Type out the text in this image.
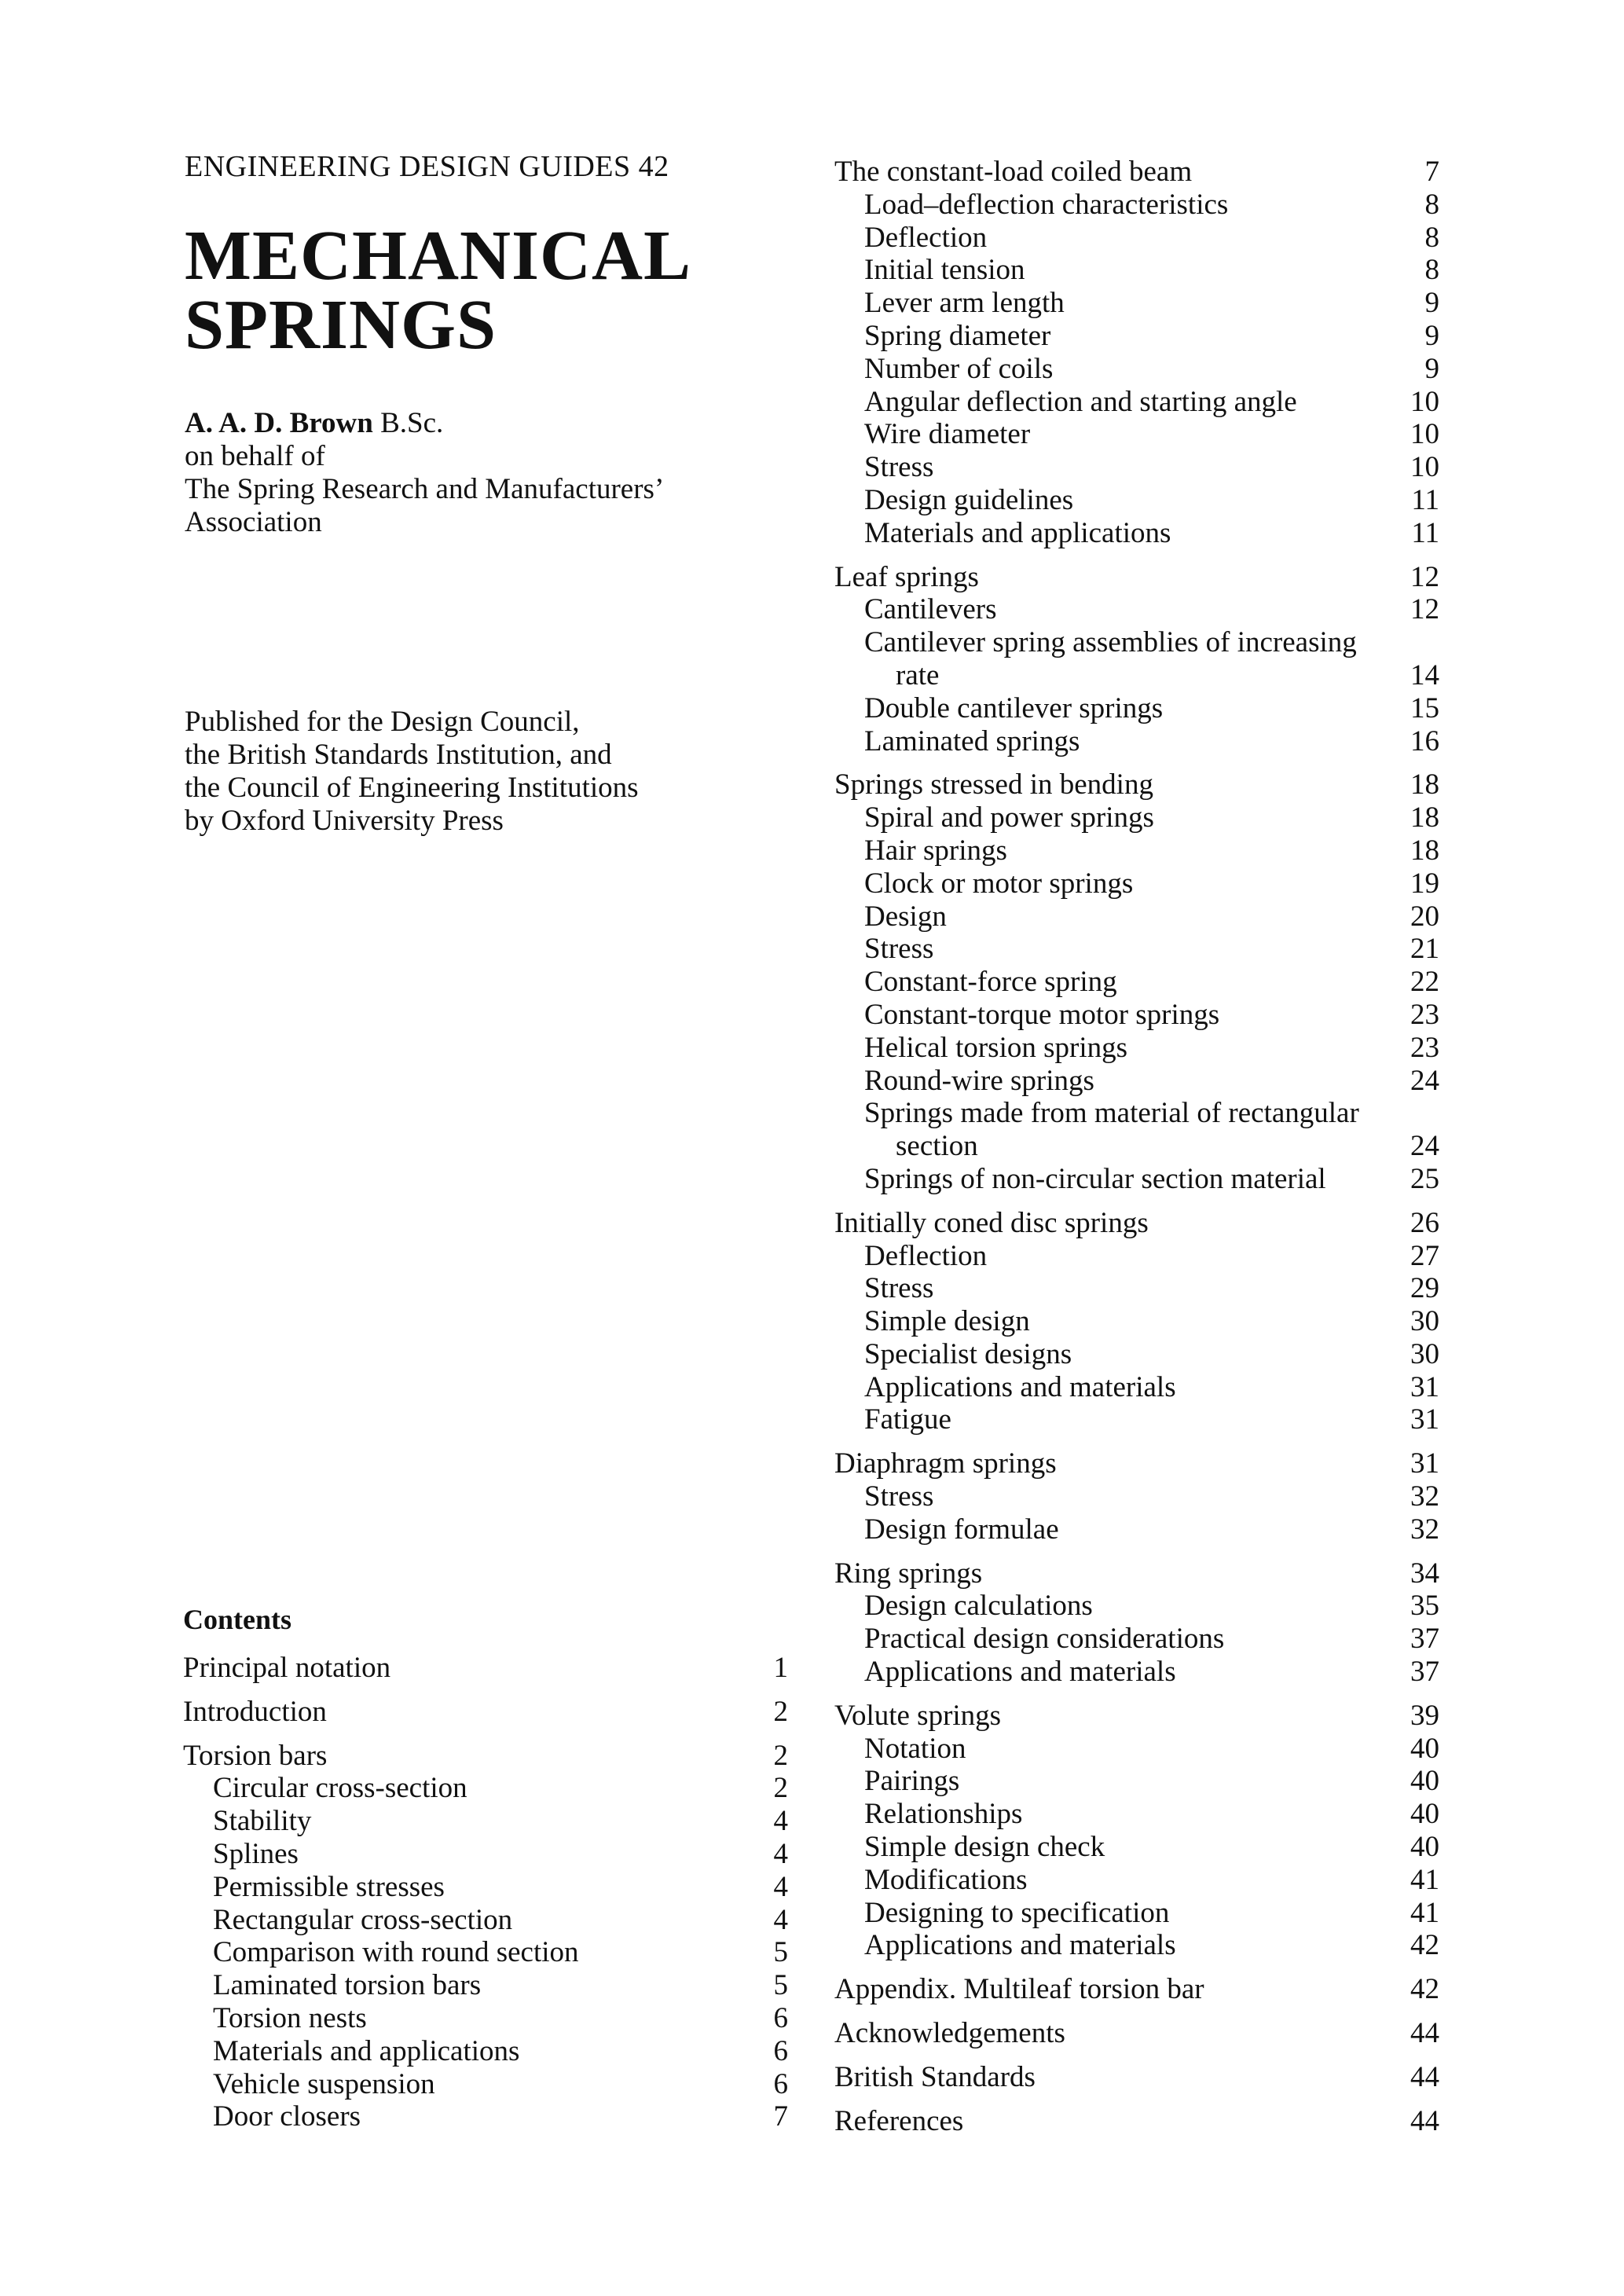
ENGINEERING DESIGN GUIDES 42
MECHANICAL
SPRINGS
A. A. D. Brown B.Sc.
on behalf of
The Spring Research and Manufacturers’
Association
Published for the Design Council,
the British Standards Institution, and
the Council of Engineering Institutions
by Oxford University Press
Contents
Principal notation	1
Introduction	2
Torsion bars	2
Circular cross-section	2
Stability	4
Splines	4
Permissible stresses	4
Rectangular cross-section	4
Comparison with round section	5
Laminated torsion bars	5
Torsion nests	6
Materials and applications	6
Vehicle suspension	6
Door closers	7
The constant-load coiled beam	7
Load–deflection characteristics	8
Deflection	8
Initial tension	8
Lever arm length	9
Spring diameter	9
Number of coils	9
Angular deflection and starting angle	10
Wire diameter	10
Stress	10
Design guidelines	11
Materials and applications	11
Leaf springs	12
Cantilevers	12
Cantilever spring assemblies of increasing
rate	14
Double cantilever springs	15
Laminated springs	16
Springs stressed in bending	18
Spiral and power springs	18
Hair springs	18
Clock or motor springs	19
Design	20
Stress	21
Constant-force spring	22
Constant-torque motor springs	23
Helical torsion springs	23
Round-wire springs	24
Springs made from material of rectangular
section	24
Springs of non-circular section material	25
Initially coned disc springs	26
Deflection	27
Stress	29
Simple design	30
Specialist designs	30
Applications and materials	31
Fatigue	31
Diaphragm springs	31
Stress	32
Design formulae	32
Ring springs	34
Design calculations	35
Practical design considerations	37
Applications and materials	37
Volute springs	39
Notation	40
Pairings	40
Relationships	40
Simple design check	40
Modifications	41
Designing to specification	41
Applications and materials	42
Appendix. Multileaf torsion bar	42
Acknowledgements	44
British Standards	44
References	44
